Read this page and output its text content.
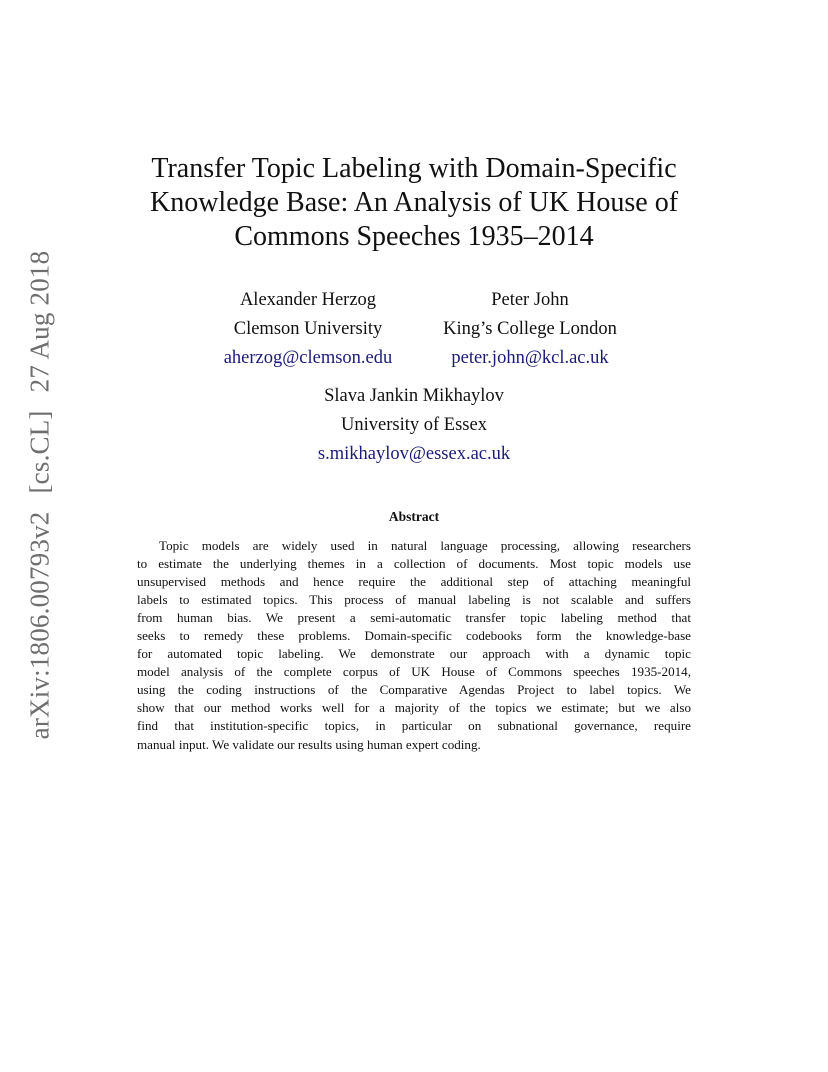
arXiv:1806.00793v2[cs.CL]27 Aug 2018
Transfer Topic Labeling with Domain-Specific
Knowledge Base: An Analysis of UK House of
Commons Speeches 1935–2014
Alexander Herzog
Clemson University
aherzog@clemson.edu
Peter John
King’s College London
peter.john@kcl.ac.uk
Slava Jankin Mikhaylov
University of Essex
s.mikhaylov@essex.ac.uk
Abstract
Topic models are widely used in natural language processing, allowing researchers
to estimate the underlying themes in a collection of documents. Most topic models use
unsupervised methods and hence require the additional step of attaching meaningful
labels to estimated topics. This process of manual labeling is not scalable and suffers
from human bias. We present a semi-automatic transfer topic labeling method that
seeks to remedy these problems. Domain-specific codebooks form the knowledge-base
for automated topic labeling. We demonstrate our approach with a dynamic topic
model analysis of the complete corpus of UK House of Commons speeches 1935-2014,
using the coding instructions of the Comparative Agendas Project to label topics. We
show that our method works well for a majority of the topics we estimate; but we also
find that institution-specific topics, in particular on subnational governance, require
manual input. We validate our results using human expert coding.
